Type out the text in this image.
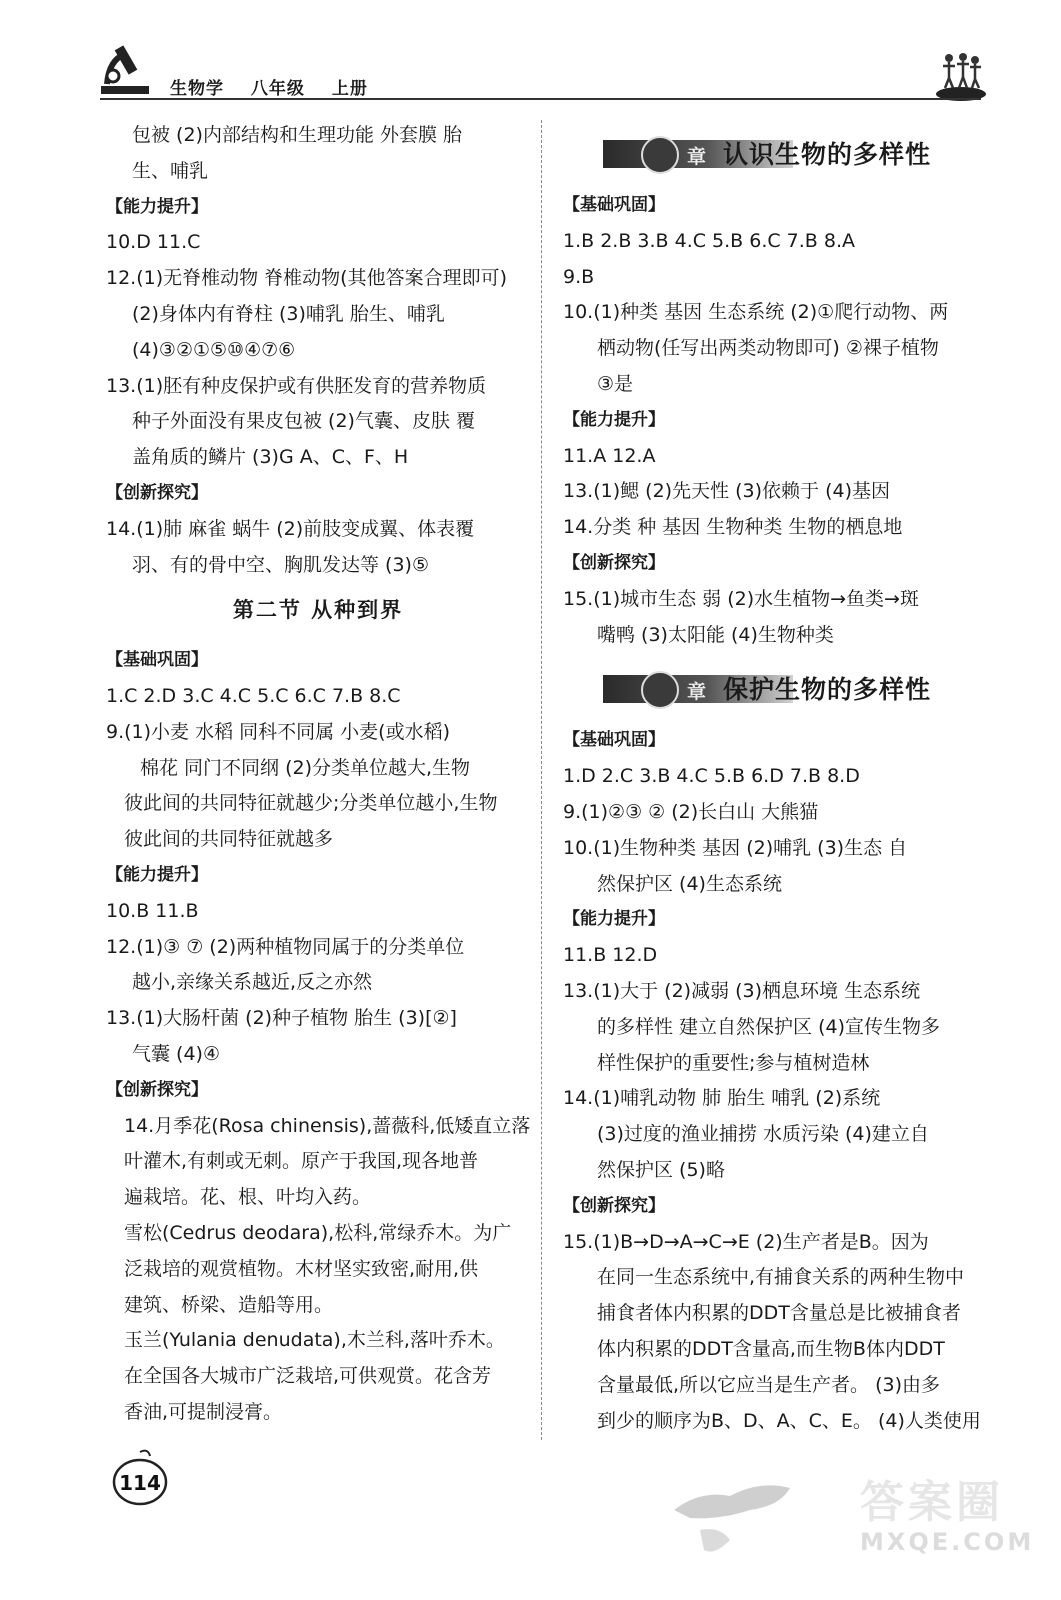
生物学 八年级 上册
包被 (2)内部结构和生理功能 外套膜 胎
生、哺乳
【能力提升】
10.D 11.C
12.(1)无脊椎动物 脊椎动物(其他答案合理即可)
(2)身体内有脊柱 (3)哺乳 胎生、哺乳
(4)③②①⑤⑩④⑦⑥
13.(1)胚有种皮保护或有供胚发育的营养物质
种子外面没有果皮包被 (2)气囊、皮肤 覆
盖角质的鳞片 (3)G A、C、F、H
【创新探究】
14.(1)肺 麻雀 蜗牛 (2)前肢变成翼、体表覆
羽、有的骨中空、胸肌发达等 (3)⑤
第二节 从种到界
【基础巩固】
1.C 2.D 3.C 4.C 5.C 6.C 7.B 8.C
9.(1)小麦 水稻 同科不同属 小麦(或水稻)
棉花 同门不同纲 (2)分类单位越大,生物
彼此间的共同特征就越少;分类单位越小,生物
彼此间的共同特征就越多
【能力提升】
10.B 11.B
12.(1)③ ⑦ (2)两种植物同属于的分类单位
越小,亲缘关系越近,反之亦然
13.(1)大肠杆菌 (2)种子植物 胎生 (3)[②]
气囊 (4)④
【创新探究】
14.月季花(Rosa chinensis),蔷薇科,低矮直立落
叶灌木,有刺或无刺。原产于我国,现各地普
遍栽培。花、根、叶均入药。
雪松(Cedrus deodara),松科,常绿乔木。为广
泛栽培的观赏植物。木材坚实致密,耐用,供
建筑、桥梁、造船等用。
玉兰(Yulania denudata),木兰科,落叶乔木。
在全国各大城市广泛栽培,可供观赏。花含芳
香油,可提制浸膏。
章 认识生物的多样性
【基础巩固】
1.B 2.B 3.B 4.C 5.B 6.C 7.B 8.A
9.B
10.(1)种类 基因 生态系统 (2)①爬行动物、两
栖动物(任写出两类动物即可) ②裸子植物
③是
【能力提升】
11.A 12.A
13.(1)鳃 (2)先天性 (3)依赖于 (4)基因
14.分类 种 基因 生物种类 生物的栖息地
【创新探究】
15.(1)城市生态 弱 (2)水生植物→鱼类→斑
嘴鸭 (3)太阳能 (4)生物种类
章 保护生物的多样性
【基础巩固】
1.D 2.C 3.B 4.C 5.B 6.D 7.B 8.D
9.(1)②③ ② (2)长白山 大熊猫
10.(1)生物种类 基因 (2)哺乳 (3)生态 自
然保护区 (4)生态系统
【能力提升】
11.B 12.D
13.(1)大于 (2)减弱 (3)栖息环境 生态系统
的多样性 建立自然保护区 (4)宣传生物多
样性保护的重要性;参与植树造林
14.(1)哺乳动物 肺 胎生 哺乳 (2)系统
(3)过度的渔业捕捞 水质污染 (4)建立自
然保护区 (5)略
【创新探究】
15.(1)B→D→A→C→E (2)生产者是B。因为
在同一生态系统中,有捕食关系的两种生物中
捕食者体内积累的DDT含量总是比被捕食者
体内积累的DDT含量高,而生物B体内DDT
含量最低,所以它应当是生产者。 (3)由多
到少的顺序为B、D、A、C、E。 (4)人类使用
114	答案圈
MXQE.COM
